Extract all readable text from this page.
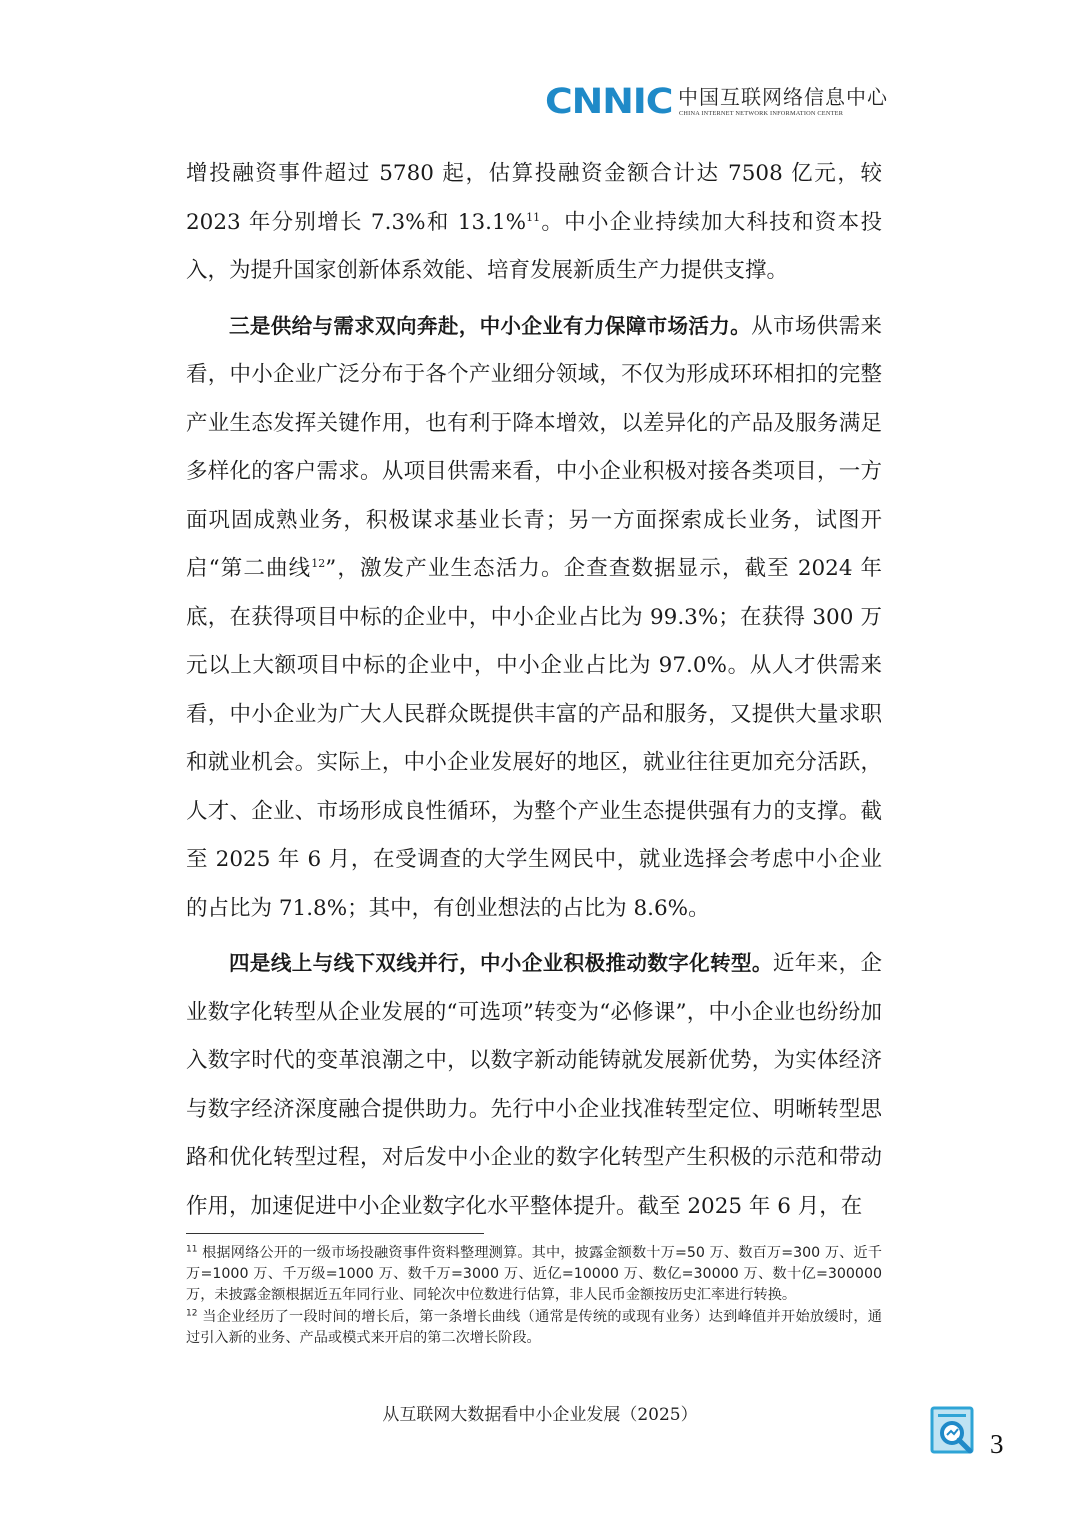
CNNIC 中国互联网络信息中心
CHINA INTERNET NETWORK INFORMATION CENTER

增投融资事件超过 5780 起，估算投融资金额合计达 7508 亿元，较 2023 年分别增长 7.3%和 13.1%$^{11}$。中小企业持续加大科技和资本投入，为提升国家创新体系效能、培育发展新质生产力提供支撑。

三是供给与需求双向奔赴，中小企业有力保障市场活力。从市场供需来看，中小企业广泛分布于各个产业细分领域，不仅为形成环环相扣的完整产业生态发挥关键作用，也有利于降本增效，以差异化的产品及服务满足多样化的客户需求。从项目供需来看，中小企业积极对接各类项目，一方面巩固成熟业务，积极谋求基业长青；另一方面探索成长业务，试图开启“第二曲线$^{12}$”，激发产业生态活力。企查查数据显示，截至 2024 年底，在获得项目中标的企业中，中小企业占比为 99.3%；在获得 300 万元以上大额项目中标的企业中，中小企业占比为 97.0%。从人才供需来看，中小企业为广大人民群众既提供丰富的产品和服务，又提供大量求职和就业机会。实际上，中小企业发展好的地区，就业往往更加充分活跃，人才、企业、市场形成良性循环，为整个产业生态提供强有力的支撑。截至 2025 年 6 月，在受调查的大学生网民中，就业选择会考虑中小企业的占比为 71.8%；其中，有创业想法的占比为 8.6%。

四是线上与线下双线并行，中小企业积极推动数字化转型。近年来，企业数字化转型从企业发展的“可选项”转变为“必修课”，中小企业也纷纷加入数字时代的变革浪潮之中，以数字新动能铸就发展新优势，为实体经济与数字经济深度融合提供助力。先行中小企业找准转型定位、明晰转型思路和优化转型过程，对后发中小企业的数字化转型产生积极的示范和带动作用，加速促进中小企业数字化水平整体提升。截至 2025 年 6 月，在

$^{11}$ 根据网络公开的一级市场投融资事件资料整理测算。其中，披露金额数十万=50 万、数百万=300 万、近千万=1000 万、千万级=1000 万、数千万=3000 万、近亿=10000 万、数亿=30000 万、数十亿=300000 万，未披露金额根据近五年同行业、同轮次中位数进行估算，非人民币金额按历史汇率进行转换。

$^{12}$ 当企业经历了一段时间的增长后，第一条增长曲线（通常是传统的或现有业务）达到峰值并开始放缓时，通过引入新的业务、产品或模式来开启的第二次增长阶段。

从互联网大数据看中小企业发展（2025）
3
